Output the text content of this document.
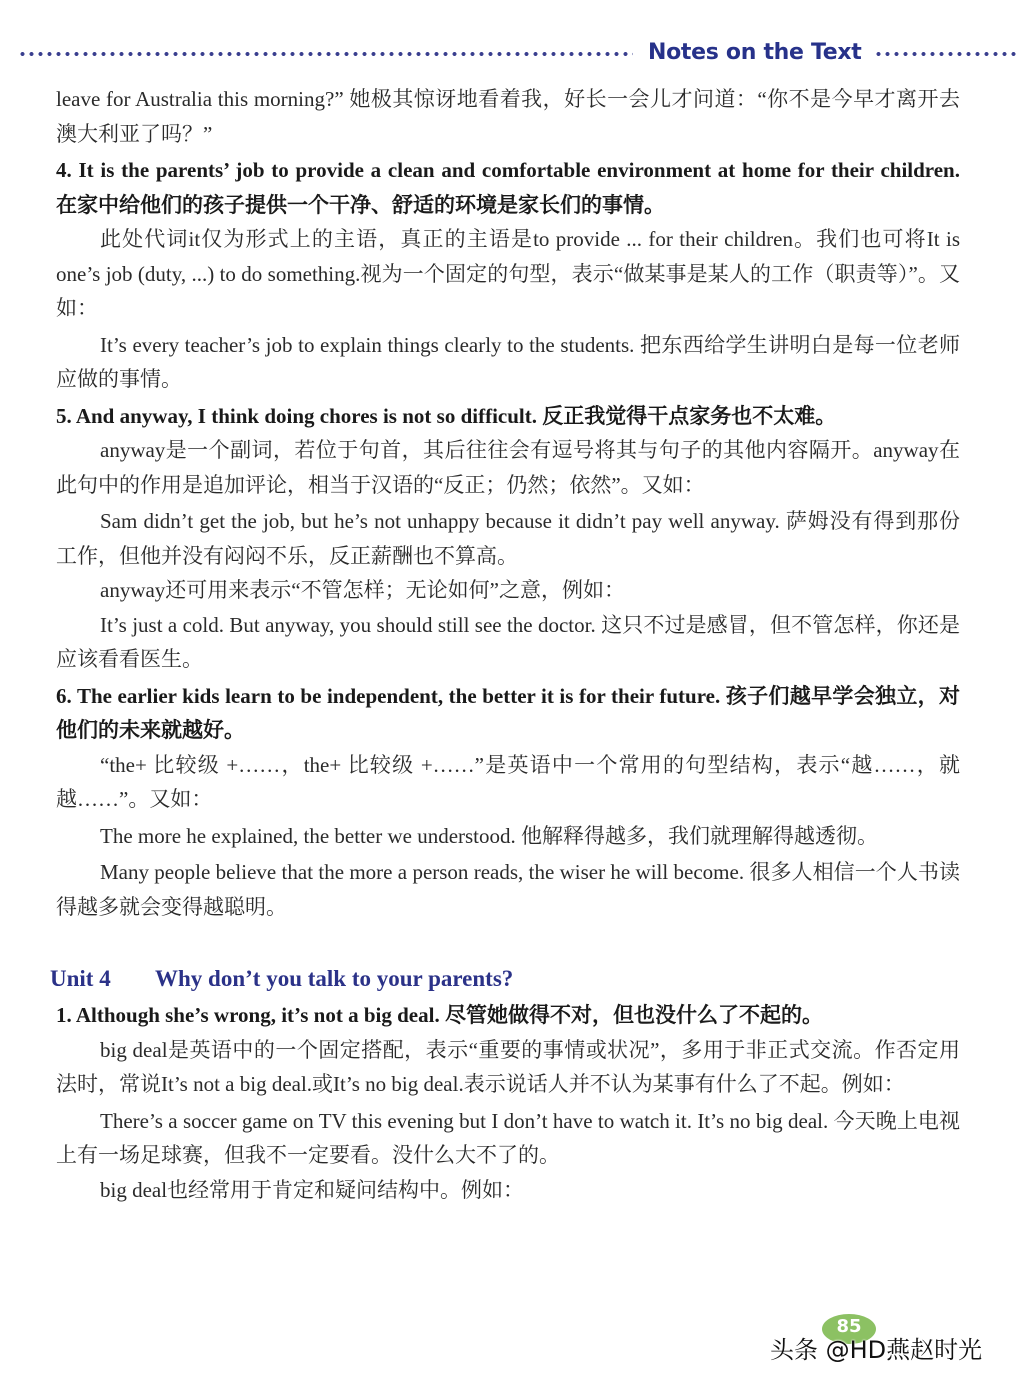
Notes on the Text

leave for Australia this morning?” 她极其惊讶地看着我，好长一会儿才问道：“你不是今早才离开去澳大利亚了吗？”

4. It is the parents’ job to provide a clean and comfortable environment at home for their children. 在家中给他们的孩子提供一个干净、舒适的环境是家长们的事情。

此处代词it仅为形式上的主语，真正的主语是to provide ... for their children。我们也可将It is one’s job (duty, ...) to do something.视为一个固定的句型，表示“做某事是某人的工作（职责等）”。又如：

It’s every teacher’s job to explain things clearly to the students. 把东西给学生讲明白是每一位老师应做的事情。

5. And anyway, I think doing chores is not so difficult. 反正我觉得干点家务也不太难。

anyway是一个副词，若位于句首，其后往往会有逗号将其与句子的其他内容隔开。anyway在此句中的作用是追加评论，相当于汉语的“反正；仍然；依然”。又如：

Sam didn’t get the job, but he’s not unhappy because it didn’t pay well anyway. 萨姆没有得到那份工作，但他并没有闷闷不乐，反正薪酬也不算高。

anyway还可用来表示“不管怎样；无论如何”之意，例如：

It’s just a cold. But anyway, you should still see the doctor. 这只不过是感冒，但不管怎样，你还是应该看看医生。

6. The earlier kids learn to be independent, the better it is for their future. 孩子们越早学会独立，对他们的未来就越好。

“the+ 比较级 +……，the+ 比较级 +……”是英语中一个常用的句型结构，表示“越……，就越……”。又如：

The more he explained, the better we understood. 他解释得越多，我们就理解得越透彻。

Many people believe that the more a person reads, the wiser he will become. 很多人相信一个人书读得越多就会变得越聪明。

Unit 4 Why don’t you talk to your parents?

1. Although she’s wrong, it’s not a big deal. 尽管她做得不对，但也没什么了不起的。

big deal是英语中的一个固定搭配，表示“重要的事情或状况”，多用于非正式交流。作否定用法时，常说It’s not a big deal.或It’s no big deal.表示说话人并不认为某事有什么了不起。例如：

There’s a soccer game on TV this evening but I don’t have to watch it. It’s no big deal. 今天晚上电视上有一场足球赛，但我不一定要看。没什么大不了的。

big deal也经常用于肯定和疑问结构中。例如：

85
头条 @HD燕赵时光
